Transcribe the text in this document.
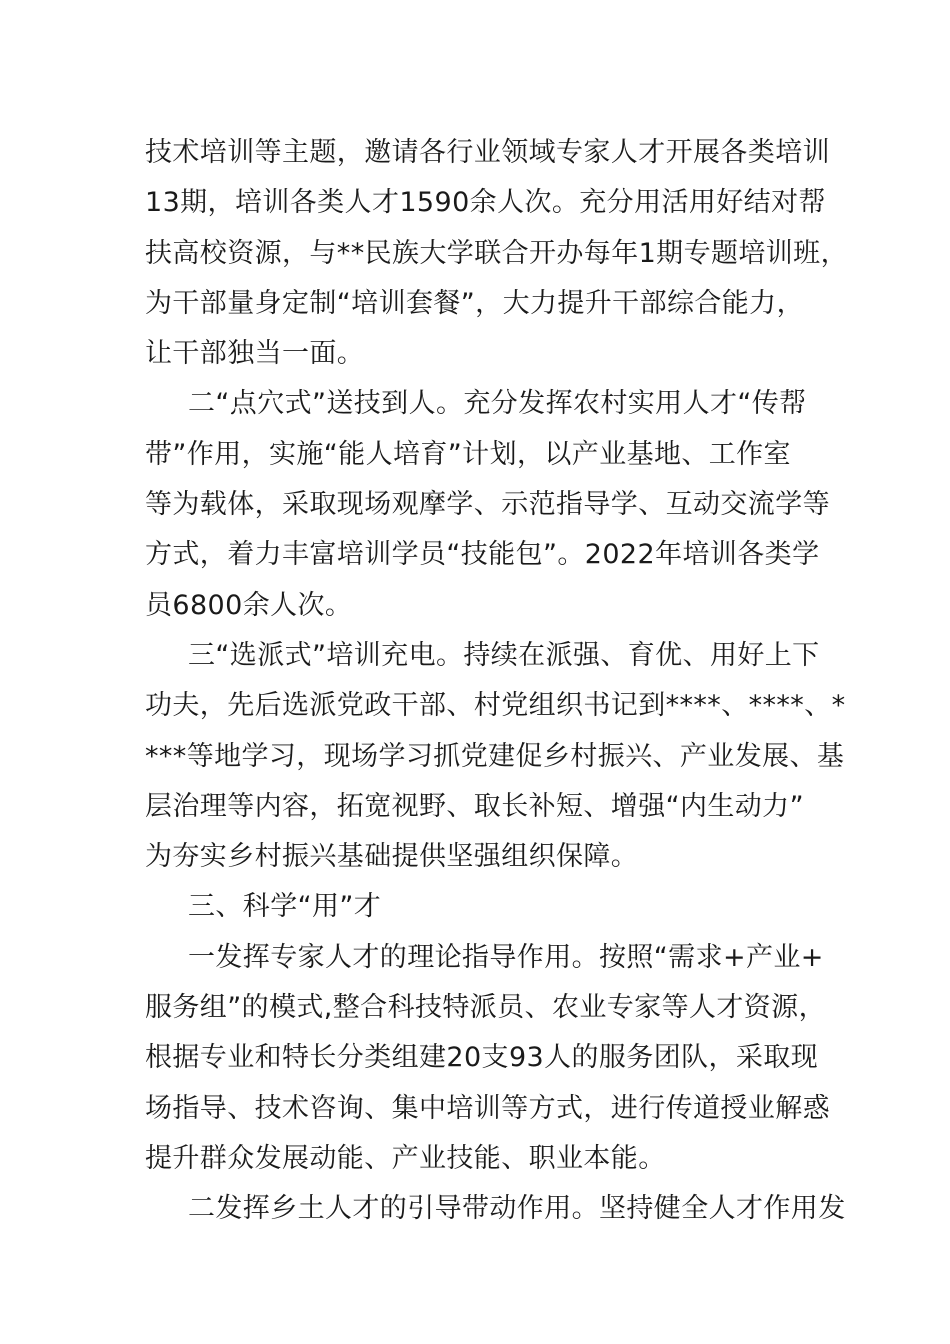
技术培训等主题，邀请各行业领域专家人才开展各类培训
13期，培训各类人才1590余人次。充分用活用好结对帮
扶高校资源，与**民族大学联合开办每年1期专题培训班，
为干部量身定制“培训套餐”，大力提升干部综合能力，
让干部独当一面。
二“点穴式”送技到人。充分发挥农村实用人才“传帮
带”作用，实施“能人培育”计划，以产业基地、工作室
等为载体，采取现场观摩学、示范指导学、互动交流学等
方式，着力丰富培训学员“技能包”。2022年培训各类学
员6800余人次。
三“选派式”培训充电。持续在派强、育优、用好上下
功夫，先后选派党政干部、村党组织书记到****、****、*
***等地学习，现场学习抓党建促乡村振兴、产业发展、基
层治理等内容，拓宽视野、取长补短、增强“内生动力”
为夯实乡村振兴基础提供坚强组织保障。
三、科学“用”才
一发挥专家人才的理论指导作用。按照“需求+产业+
服务组”的模式,整合科技特派员、农业专家等人才资源，
根据专业和特长分类组建20支93人的服务团队，采取现
场指导、技术咨询、集中培训等方式，进行传道授业解惑
提升群众发展动能、产业技能、职业本能。
二发挥乡土人才的引导带动作用。坚持健全人才作用发
